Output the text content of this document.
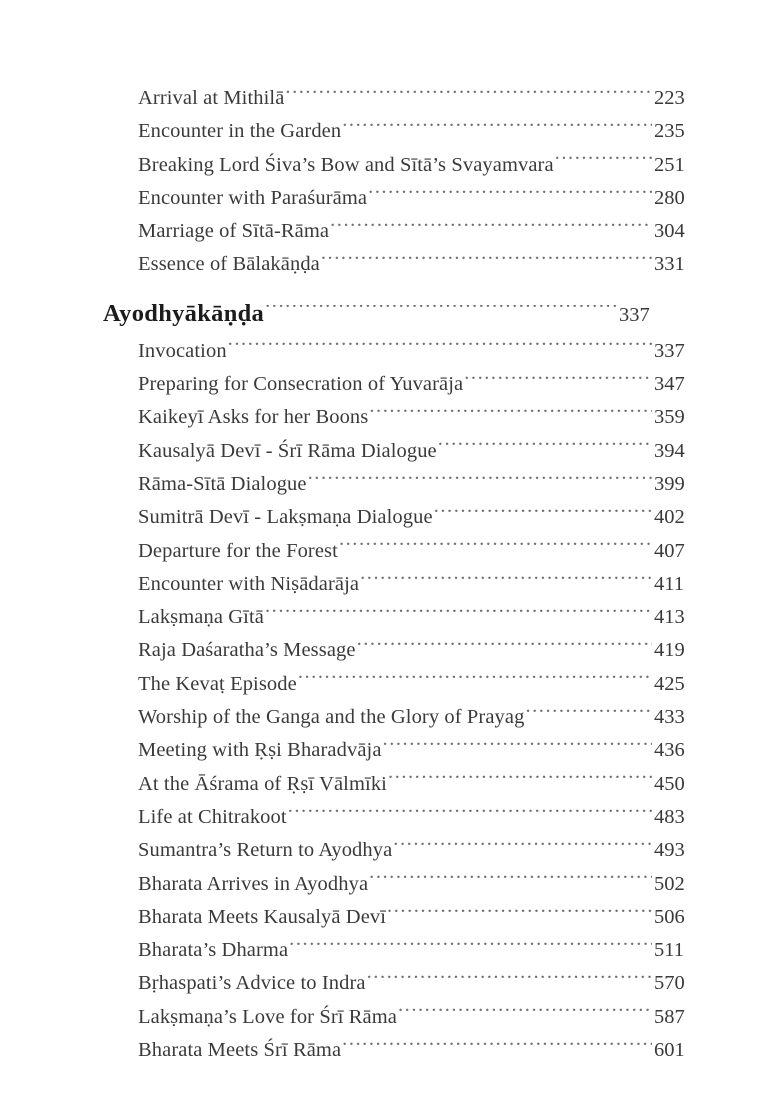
Arrival at Mithilā .....	223
Encounter in the Garden .....	235
Breaking Lord Śiva’s Bow and Sītā’s Svayamvara .....	251
Encounter with Paraśurāma .....	280
Marriage of Sītā-Rāma .....	304
Essence of Bālakāṇḍa .....	331
Ayodhyākāṇḍa .....	337
Invocation .....	337
Preparing for Consecration of Yuvarāja .....	347
Kaikeyī Asks for her Boons .....	359
Kausalyā Devī - Śrī Rāma Dialogue .....	394
Rāma-Sītā Dialogue .....	399
Sumitrā Devī - Lakṣmaṇa Dialogue .....	402
Departure for the Forest .....	407
Encounter with Niṣādarāja .....	411
Lakṣmaṇa Gītā .....	413
Raja Daśaratha’s Message .....	419
The Kevaṭ Episode .....	425
Worship of the Ganga and the Glory of Prayag .....	433
Meeting with Ṛṣi Bharadvāja .....	436
At the Āśrama of Ṛṣī Vālmīki .....	450
Life at Chitrakoot .....	483
Sumantra’s Return to Ayodhya .....	493
Bharata Arrives in Ayodhya .....	502
Bharata Meets Kausalyā Devī .....	506
Bharata’s Dharma .....	511
Bṛhaspati’s Advice to Indra .....	570
Lakṣmaṇa’s Love for Śrī Rāma .....	587
Bharata Meets Śrī Rāma .....	601
